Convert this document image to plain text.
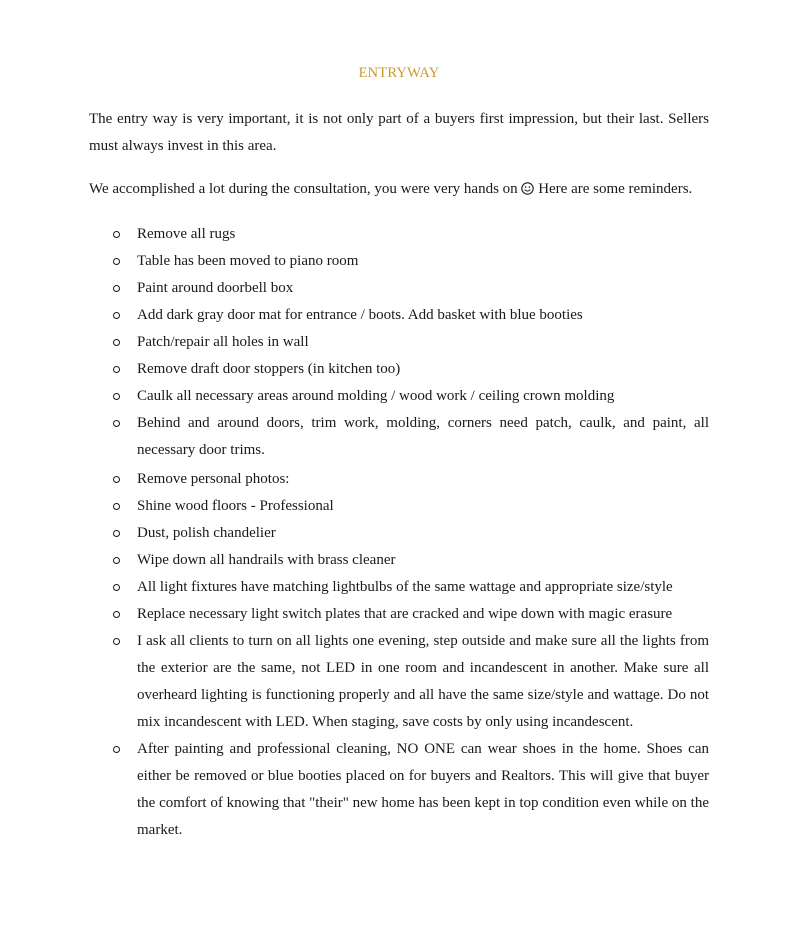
ENTRYWAY

The entry way is very important, it is not only part of a buyers first impression, but their last. Sellers must always invest in this area.

We accomplished a lot during the consultation, you were very hands on Here are some reminders.

Remove all rugs
Table has been moved to piano room
Paint around doorbell box
Add dark gray door mat for entrance / boots. Add basket with blue booties
Patch/repair all holes in wall
Remove draft door stoppers (in kitchen too)
Caulk all necessary areas around molding / wood work / ceiling crown molding
Behind and around doors, trim work, molding, corners need patch, caulk, and paint, all necessary door trims.
Remove personal photos:
Shine wood floors - Professional
Dust, polish chandelier
Wipe down all handrails with brass cleaner
All light fixtures have matching lightbulbs of the same wattage and appropriate size/style
Replace necessary light switch plates that are cracked and wipe down with magic erasure
I ask all clients to turn on all lights one evening, step outside and make sure all the lights from the exterior are the same, not LED in one room and incandescent in another. Make sure all overheard lighting is functioning properly and all have the same size/style and wattage. Do not mix incandescent with LED. When staging, save costs by only using incandescent.
After painting and professional cleaning, NO ONE can wear shoes in the home. Shoes can either be removed or blue booties placed on for buyers and Realtors. This will give that buyer the comfort of knowing that "their" new home has been kept in top condition even while on the market.
